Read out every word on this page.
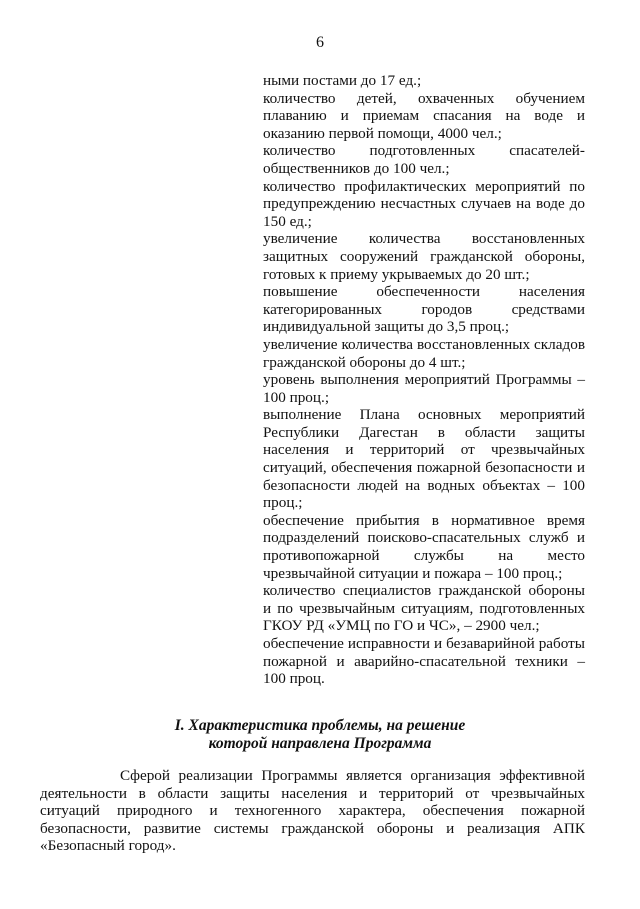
6

ными постами до 17 ед.;

количество детей, охваченных обучением плаванию и приемам спасания на воде и оказанию первой помощи, 4000 чел.;

количество подготовленных спасателей-общественников до 100 чел.;

количество профилактических мероприятий по предупреждению несчастных случаев на воде до 150 ед.;

увеличение количества восстановленных защитных сооружений гражданской обороны, готовых к приему укрываемых до 20 шт.;

повышение обеспеченности населения категорированных городов средствами индивидуальной защиты до 3,5 проц.;

увеличение количества восстановленных складов гражданской обороны до 4 шт.;

уровень выполнения мероприятий Программы – 100 проц.;

выполнение Плана основных мероприятий Республики Дагестан в области защиты населения и территорий от чрезвычайных ситуаций, обеспечения пожарной безопасности и безопасности людей на водных объектах – 100 проц.;

обеспечение прибытия в нормативное время подразделений поисково-спасательных служб и противопожарной службы на место чрезвычайной ситуации и пожара – 100 проц.;

количество специалистов гражданской обороны и по чрезвычайным ситуациям, подготовленных ГКОУ РД «УМЦ по ГО и ЧС», – 2900 чел.;

обеспечение исправности и безаварийной работы пожарной и аварийно-спасательной техники – 100 проц.

I. Характеристика проблемы, на решение
которой направлена Программа

Сферой реализации Программы является организация эффективной деятельности в области защиты населения и территорий от чрезвычайных ситуаций природного и техногенного характера, обеспечения пожарной безопасности, развитие системы гражданской обороны и реализация АПК «Безопасный город».
